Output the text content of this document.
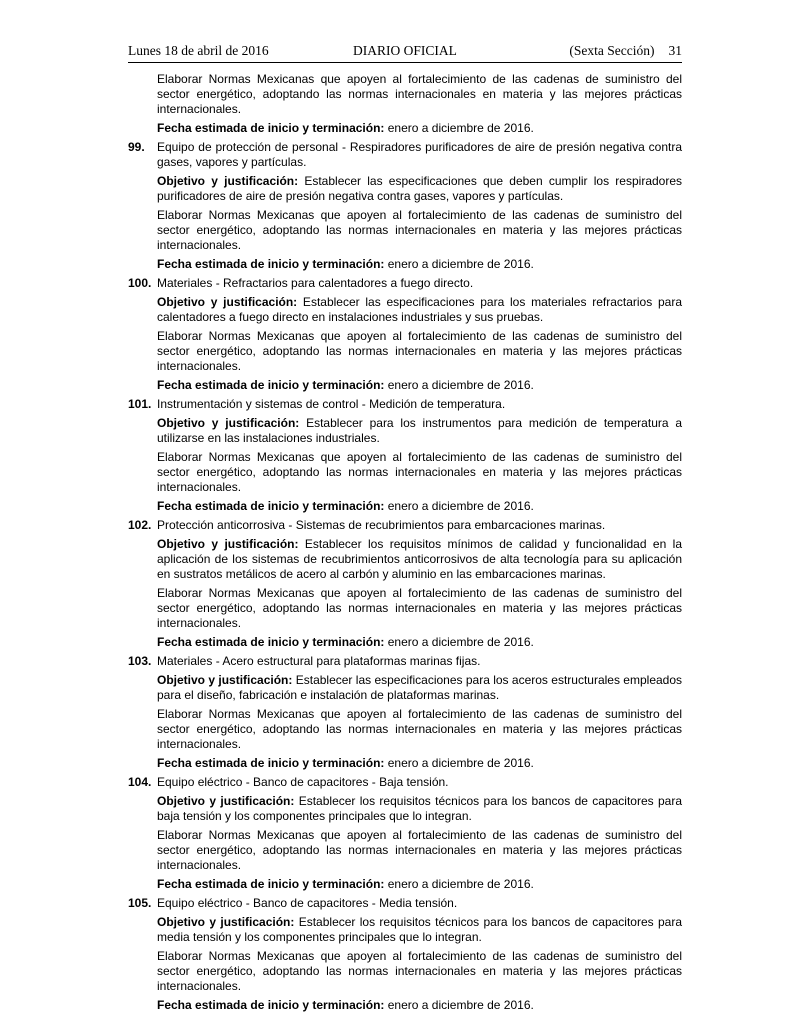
Lunes 18 de abril de 2016	DIARIO OFICIAL	(Sexta Sección) 31

Elaborar Normas Mexicanas que apoyen al fortalecimiento de las cadenas de suministro del sector energético, adoptando las normas internacionales en materia y las mejores prácticas internacionales.

Fecha estimada de inicio y terminación: enero a diciembre de 2016.

99. Equipo de protección de personal - Respiradores purificadores de aire de presión negativa contra gases, vapores y partículas.

Objetivo y justificación: Establecer las especificaciones que deben cumplir los respiradores purificadores de aire de presión negativa contra gases, vapores y partículas.

Elaborar Normas Mexicanas que apoyen al fortalecimiento de las cadenas de suministro del sector energético, adoptando las normas internacionales en materia y las mejores prácticas internacionales.

Fecha estimada de inicio y terminación: enero a diciembre de 2016.

100. Materiales - Refractarios para calentadores a fuego directo.

Objetivo y justificación: Establecer las especificaciones para los materiales refractarios para calentadores a fuego directo en instalaciones industriales y sus pruebas.

Elaborar Normas Mexicanas que apoyen al fortalecimiento de las cadenas de suministro del sector energético, adoptando las normas internacionales en materia y las mejores prácticas internacionales.

Fecha estimada de inicio y terminación: enero a diciembre de 2016.

101. Instrumentación y sistemas de control - Medición de temperatura.

Objetivo y justificación: Establecer para los instrumentos para medición de temperatura a utilizarse en las instalaciones industriales.

Elaborar Normas Mexicanas que apoyen al fortalecimiento de las cadenas de suministro del sector energético, adoptando las normas internacionales en materia y las mejores prácticas internacionales.

Fecha estimada de inicio y terminación: enero a diciembre de 2016.

102. Protección anticorrosiva - Sistemas de recubrimientos para embarcaciones marinas.

Objetivo y justificación: Establecer los requisitos mínimos de calidad y funcionalidad en la aplicación de los sistemas de recubrimientos anticorrosivos de alta tecnología para su aplicación en sustratos metálicos de acero al carbón y aluminio en las embarcaciones marinas.

Elaborar Normas Mexicanas que apoyen al fortalecimiento de las cadenas de suministro del sector energético, adoptando las normas internacionales en materia y las mejores prácticas internacionales.

Fecha estimada de inicio y terminación: enero a diciembre de 2016.

103. Materiales - Acero estructural para plataformas marinas fijas.

Objetivo y justificación: Establecer las especificaciones para los aceros estructurales empleados para el diseño, fabricación e instalación de plataformas marinas.

Elaborar Normas Mexicanas que apoyen al fortalecimiento de las cadenas de suministro del sector energético, adoptando las normas internacionales en materia y las mejores prácticas internacionales.

Fecha estimada de inicio y terminación: enero a diciembre de 2016.

104. Equipo eléctrico - Banco de capacitores - Baja tensión.

Objetivo y justificación: Establecer los requisitos técnicos para los bancos de capacitores para baja tensión y los componentes principales que lo integran.

Elaborar Normas Mexicanas que apoyen al fortalecimiento de las cadenas de suministro del sector energético, adoptando las normas internacionales en materia y las mejores prácticas internacionales.

Fecha estimada de inicio y terminación: enero a diciembre de 2016.

105. Equipo eléctrico - Banco de capacitores - Media tensión.

Objetivo y justificación: Establecer los requisitos técnicos para los bancos de capacitores para media tensión y los componentes principales que lo integran.

Elaborar Normas Mexicanas que apoyen al fortalecimiento de las cadenas de suministro del sector energético, adoptando las normas internacionales en materia y las mejores prácticas internacionales.

Fecha estimada de inicio y terminación: enero a diciembre de 2016.
